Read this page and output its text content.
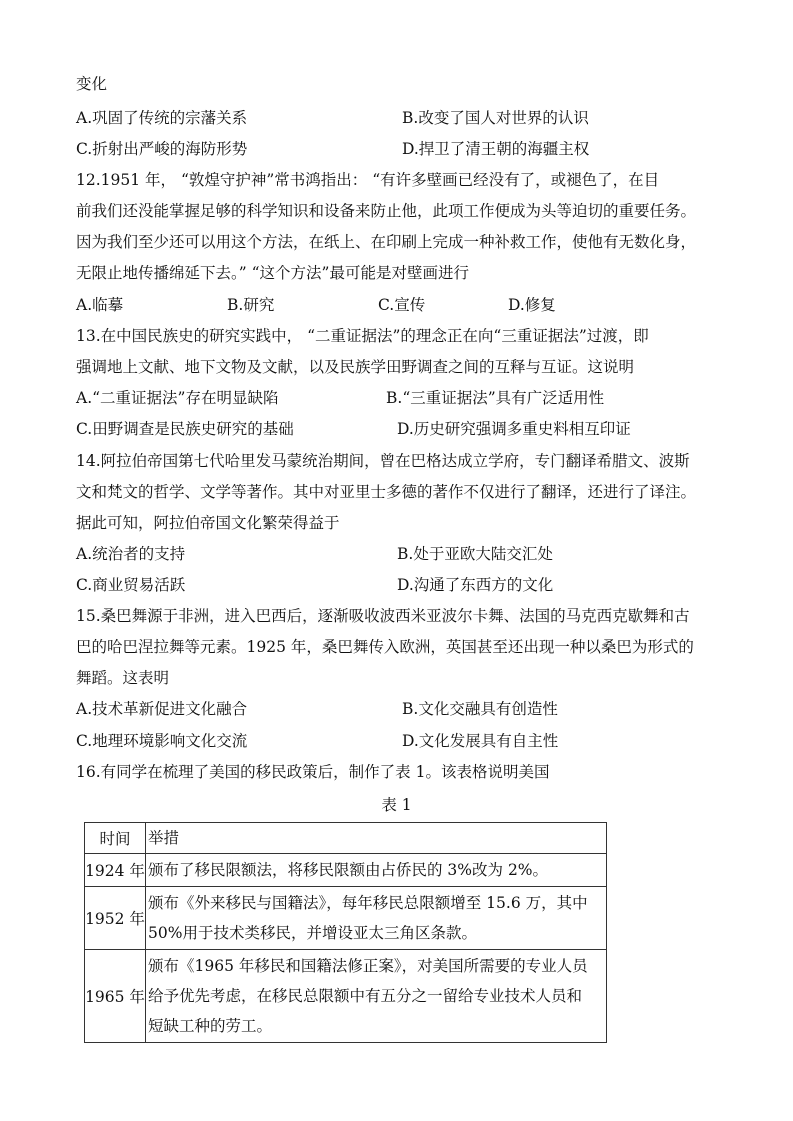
变化
A.巩固了传统的宗藩关系	B.改变了国人对世界的认识
C.折射出严峻的海防形势	D.捍卫了清王朝的海疆主权
12.1951 年， “敦煌守护神”常书鸿指出： “有许多壁画已经没有了，或褪色了，在目
前我们还没能掌握足够的科学知识和设备来防止他，此项工作便成为头等迫切的重要任务。
因为我们至少还可以用这个方法，在纸上、在印刷上完成一种补救工作，使他有无数化身，
无限止地传播绵延下去。” “这个方法”最可能是对壁画进行
A.临摹	B.研究	C.宣传	D.修复
13.在中国民族史的研究实践中， “二重证据法”的理念正在向“三重证据法”过渡，即
强调地上文献、地下文物及文献，以及民族学田野调查之间的互释与互证。这说明
A.“二重证据法”存在明显缺陷	B.“三重证据法”具有广泛适用性
C.田野调查是民族史研究的基础	D.历史研究强调多重史料相互印证
14.阿拉伯帝国第七代哈里发马蒙统治期间，曾在巴格达成立学府，专门翻译希腊文、波斯
文和梵文的哲学、文学等著作。其中对亚里士多德的著作不仅进行了翻译，还进行了译注。
据此可知，阿拉伯帝国文化繁荣得益于
A.统治者的支持	B.处于亚欧大陆交汇处
C.商业贸易活跃	D.沟通了东西方的文化
15.桑巴舞源于非洲，进入巴西后，逐渐吸收波西米亚波尔卡舞、法国的马克西克歇舞和古
巴的哈巴涅拉舞等元素。1925 年，桑巴舞传入欧洲，英国甚至还出现一种以桑巴为形式的
舞蹈。这表明
A.技术革新促进文化融合	B.文化交融具有创造性
C.地理环境影响文化交流	D.文化发展具有自主性
16.有同学在梳理了美国的移民政策后，制作了表 1。该表格说明美国
表 1
时间	举措
1924 年	颁布了移民限额法，将移民限额由占侨民的 3%改为 2%。

1952 年	颁布《外来移民与国籍法》，每年移民总限额增至 15.6 万，其中
50%用于技术类移民，并增设亚太三角区条款。

1965 年	颁布《1965 年移民和国籍法修正案》，对美国所需要的专业人员
给予优先考虑，在移民总限额中有五分之一留给专业技术人员和
短缺工种的劳工。
